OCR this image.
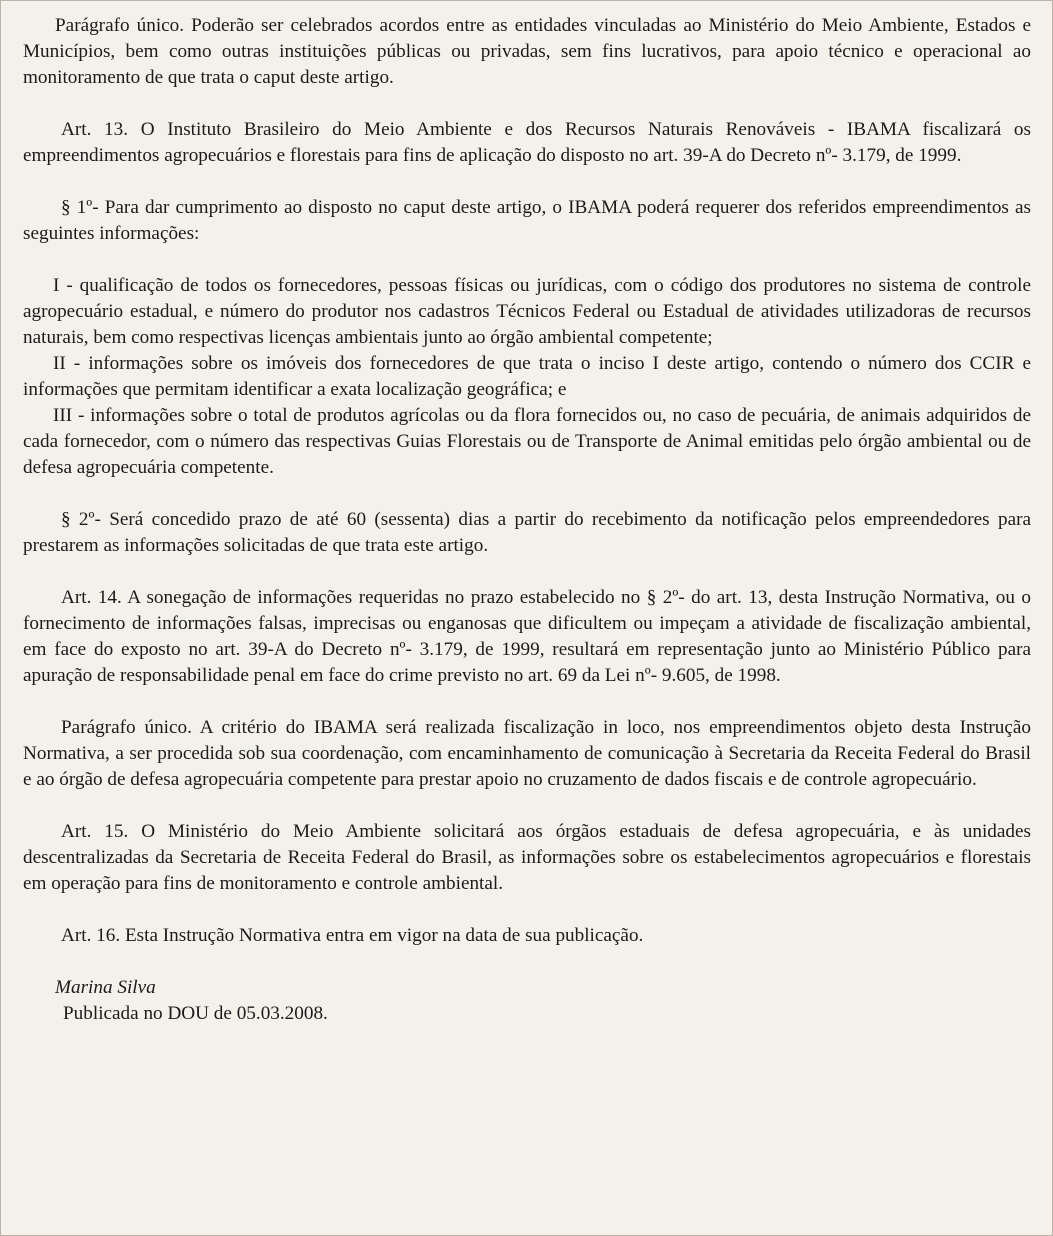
Parágrafo único. Poderão ser celebrados acordos entre as entidades vinculadas ao Ministério do Meio Ambiente, Estados e Municípios, bem como outras instituições públicas ou privadas, sem fins lucrativos, para apoio técnico e operacional ao monitoramento de que trata o caput deste artigo.

Art. 13. O Instituto Brasileiro do Meio Ambiente e dos Recursos Naturais Renováveis - IBAMA fiscalizará os empreendimentos agropecuários e florestais para fins de aplicação do disposto no art. 39-A do Decreto nº- 3.179, de 1999.

§ 1º- Para dar cumprimento ao disposto no caput deste artigo, o IBAMA poderá requerer dos referidos empreendimentos as seguintes informações:

I - qualificação de todos os fornecedores, pessoas físicas ou jurídicas, com o código dos produtores no sistema de controle agropecuário estadual, e número do produtor nos cadastros Técnicos Federal ou Estadual de atividades utilizadoras de recursos naturais, bem como respectivas licenças ambientais junto ao órgão ambiental competente;

II - informações sobre os imóveis dos fornecedores de que trata o inciso I deste artigo, contendo o número dos CCIR e informações que permitam identificar a exata localização geográfica; e

III - informações sobre o total de produtos agrícolas ou da flora fornecidos ou, no caso de pecuária, de animais adquiridos de cada fornecedor, com o número das respectivas Guias Florestais ou de Transporte de Animal emitidas pelo órgão ambiental ou de defesa agropecuária competente.

§ 2º- Será concedido prazo de até 60 (sessenta) dias a partir do recebimento da notificação pelos empreendedores para prestarem as informações solicitadas de que trata este artigo.

Art. 14. A sonegação de informações requeridas no prazo estabelecido no § 2º- do art. 13, desta Instrução Normativa, ou o fornecimento de informações falsas, imprecisas ou enganosas que dificultem ou impeçam a atividade de fiscalização ambiental, em face do exposto no art. 39-A do Decreto nº- 3.179, de 1999, resultará em representação junto ao Ministério Público para apuração de responsabilidade penal em face do crime previsto no art. 69 da Lei nº- 9.605, de 1998.

Parágrafo único. A critério do IBAMA será realizada fiscalização in loco, nos empreendimentos objeto desta Instrução Normativa, a ser procedida sob sua coordenação, com encaminhamento de comunicação à Secretaria da Receita Federal do Brasil e ao órgão de defesa agropecuária competente para prestar apoio no cruzamento de dados fiscais e de controle agropecuário.

Art. 15. O Ministério do Meio Ambiente solicitará aos órgãos estaduais de defesa agropecuária, e às unidades descentralizadas da Secretaria de Receita Federal do Brasil, as informações sobre os estabelecimentos agropecuários e florestais em operação para fins de monitoramento e controle ambiental.

Art. 16. Esta Instrução Normativa entra em vigor na data de sua publicação.

Marina Silva

Publicada no DOU de 05.03.2008.
